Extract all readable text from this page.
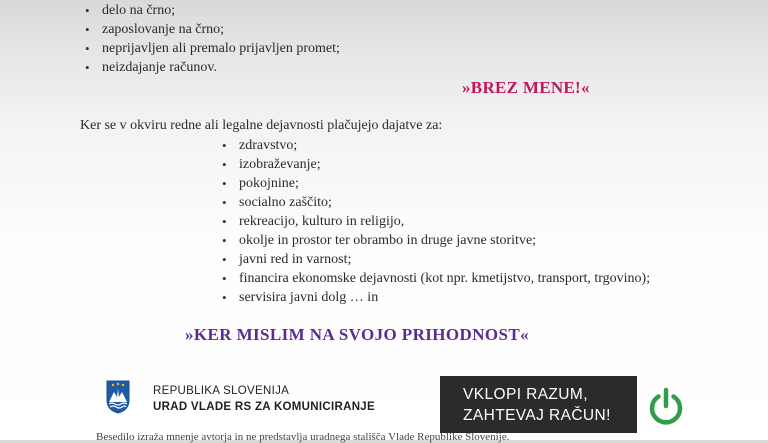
• delo na črno;
• zaposlovanje na črno;
• neprijavljen ali premalo prijavljen promet;
• neizdajanje računov.
»BREZ MENE!«
Ker se v okviru redne ali legalne dejavnosti plačujejo dajatve za:
• zdravstvo;
• izobraževanje;
• pokojnine;
• socialno zaščito;
• rekreacijo, kulturo in religijo,
• okolje in prostor ter obrambo in druge javne storitve;
• javni red in varnost;
• financira ekonomske dejavnosti (kot npr. kmetijstvo, transport, trgovino);
• servisira javni dolg … in
»KER MISLIM NA SVOJO PRIHODNOST«
REPUBLIKA SLOVENIJA
URAD VLADE RS ZA KOMUNICIRANJE
VKLOPI RAZUM,
ZAHTEVAJ RAČUN!
Besedilo izraža mnenje avtorja in ne predstavlja uradnega stališča Vlade Republike Slovenije.
